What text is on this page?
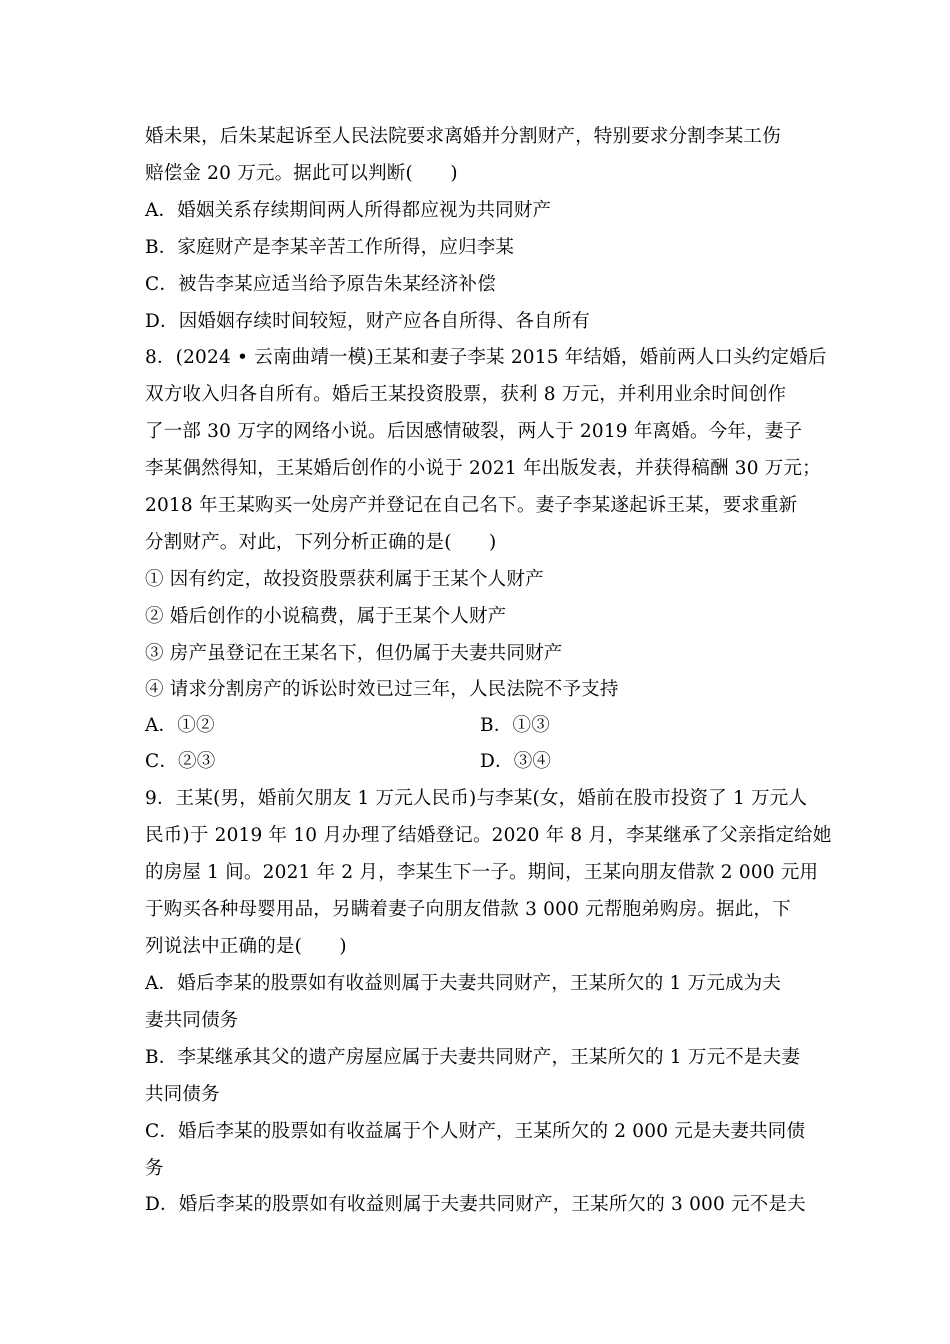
婚未果，后朱某起诉至人民法院要求离婚并分割财产，特别要求分割李某工伤
赔偿金 20 万元。据此可以判断(　　)
A．婚姻关系存续期间两人所得都应视为共同财产
B．家庭财产是李某辛苦工作所得，应归李某
C．被告李某应适当给予原告朱某经济补偿
D．因婚姻存续时间较短，财产应各自所得、各自所有
8．(2024 • 云南曲靖一模)王某和妻子李某 2015 年结婚，婚前两人口头约定婚后
双方收入归各自所有。婚后王某投资股票，获利 8 万元，并利用业余时间创作
了一部 30 万字的网络小说。后因感情破裂，两人于 2019 年离婚。今年，妻子
李某偶然得知，王某婚后创作的小说于 2021 年出版发表，并获得稿酬 30 万元；
2018 年王某购买一处房产并登记在自己名下。妻子李某遂起诉王某，要求重新
分割财产。对此，下列分析正确的是(　　)
① 因有约定，故投资股票获利属于王某个人财产
② 婚后创作的小说稿费，属于王某个人财产
③ 房产虽登记在王某名下，但仍属于夫妻共同财产
④ 请求分割房产的诉讼时效已过三年，人民法院不予支持
A．①②	B．①③
C．②③	D．③④
9．王某(男，婚前欠朋友 1 万元人民币)与李某(女，婚前在股市投资了 1 万元人
民币)于 2019 年 10 月办理了结婚登记。2020 年 8 月，李某继承了父亲指定给她
的房屋 1 间。2021 年 2 月，李某生下一子。期间，王某向朋友借款 2 000 元用
于购买各种母婴用品，另瞒着妻子向朋友借款 3 000 元帮胞弟购房。据此，下
列说法中正确的是(　　)
A．婚后李某的股票如有收益则属于夫妻共同财产，王某所欠的 1 万元成为夫
妻共同债务
B．李某继承其父的遗产房屋应属于夫妻共同财产，王某所欠的 1 万元不是夫妻
共同债务
C．婚后李某的股票如有收益属于个人财产，王某所欠的 2 000 元是夫妻共同债
务
D．婚后李某的股票如有收益则属于夫妻共同财产，王某所欠的 3 000 元不是夫
